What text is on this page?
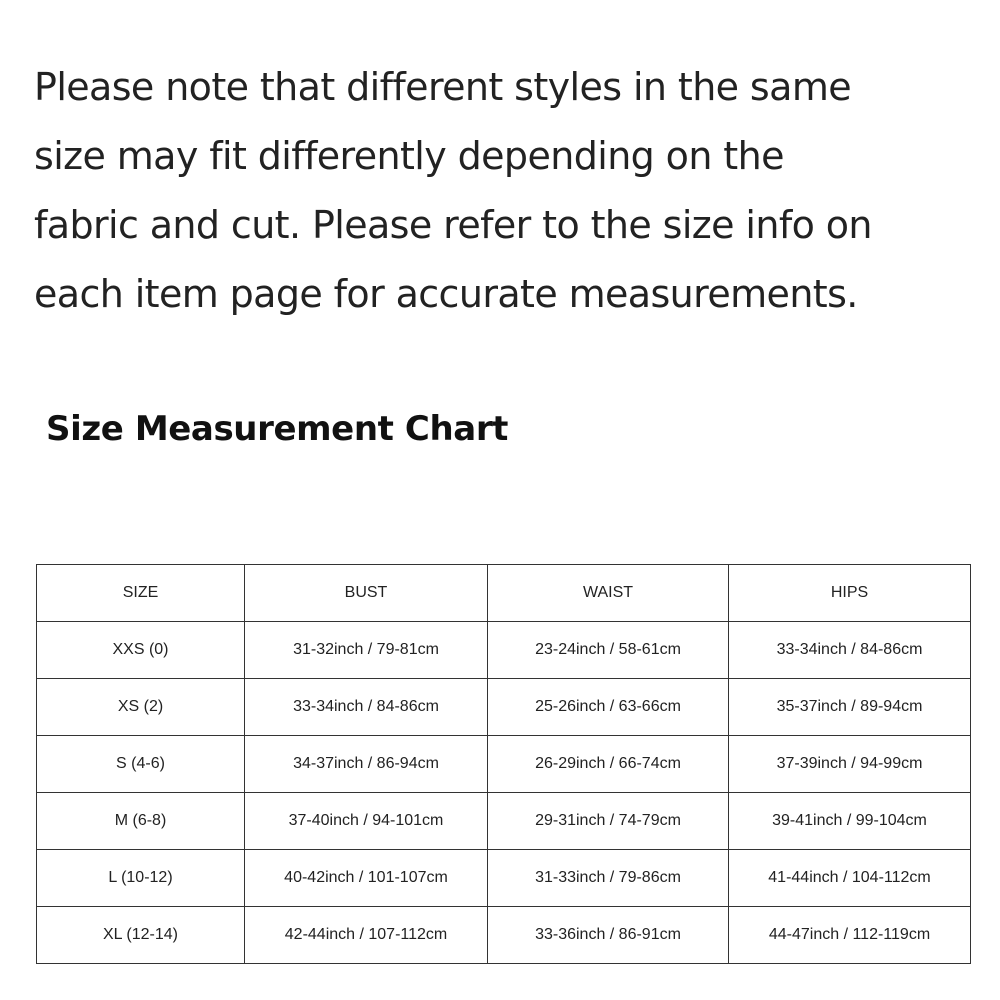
Please note that different styles in the same
size may fit differently depending on the
fabric and cut. Please refer to the size info on
each item page for accurate measurements.
Size Measurement Chart
SIZE	BUST	WAIST	HIPS
XXS (0)	31-32inch / 79-81cm	23-24inch / 58-61cm	33-34inch / 84-86cm
XS (2)	33-34inch / 84-86cm	25-26inch / 63-66cm	35-37inch / 89-94cm
S (4-6)	34-37inch / 86-94cm	26-29inch / 66-74cm	37-39inch / 94-99cm
M (6-8)	37-40inch / 94-101cm	29-31inch / 74-79cm	39-41inch / 99-104cm
L (10-12)	40-42inch / 101-107cm	31-33inch / 79-86cm	41-44inch / 104-112cm
XL (12-14)	42-44inch / 107-112cm	33-36inch / 86-91cm	44-47inch / 112-119cm
